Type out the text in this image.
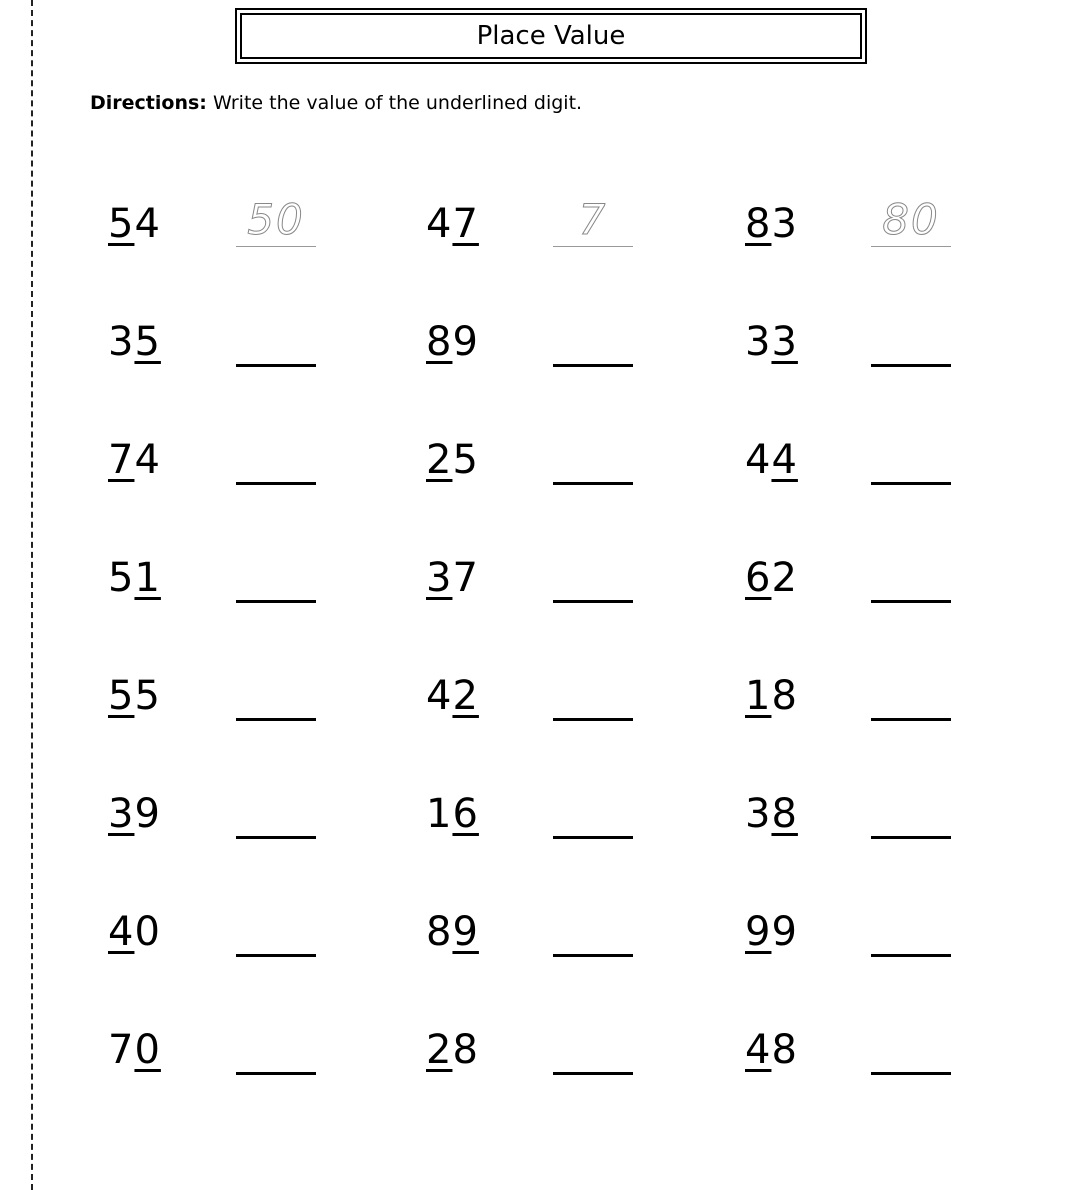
Place Value
Directions: Write the value of the underlined digit.
54 50	47	7	83 80
35	89	33
74	25	44
51	37	62
55	42	18
39	16	38
40	89	99
70	28	48
